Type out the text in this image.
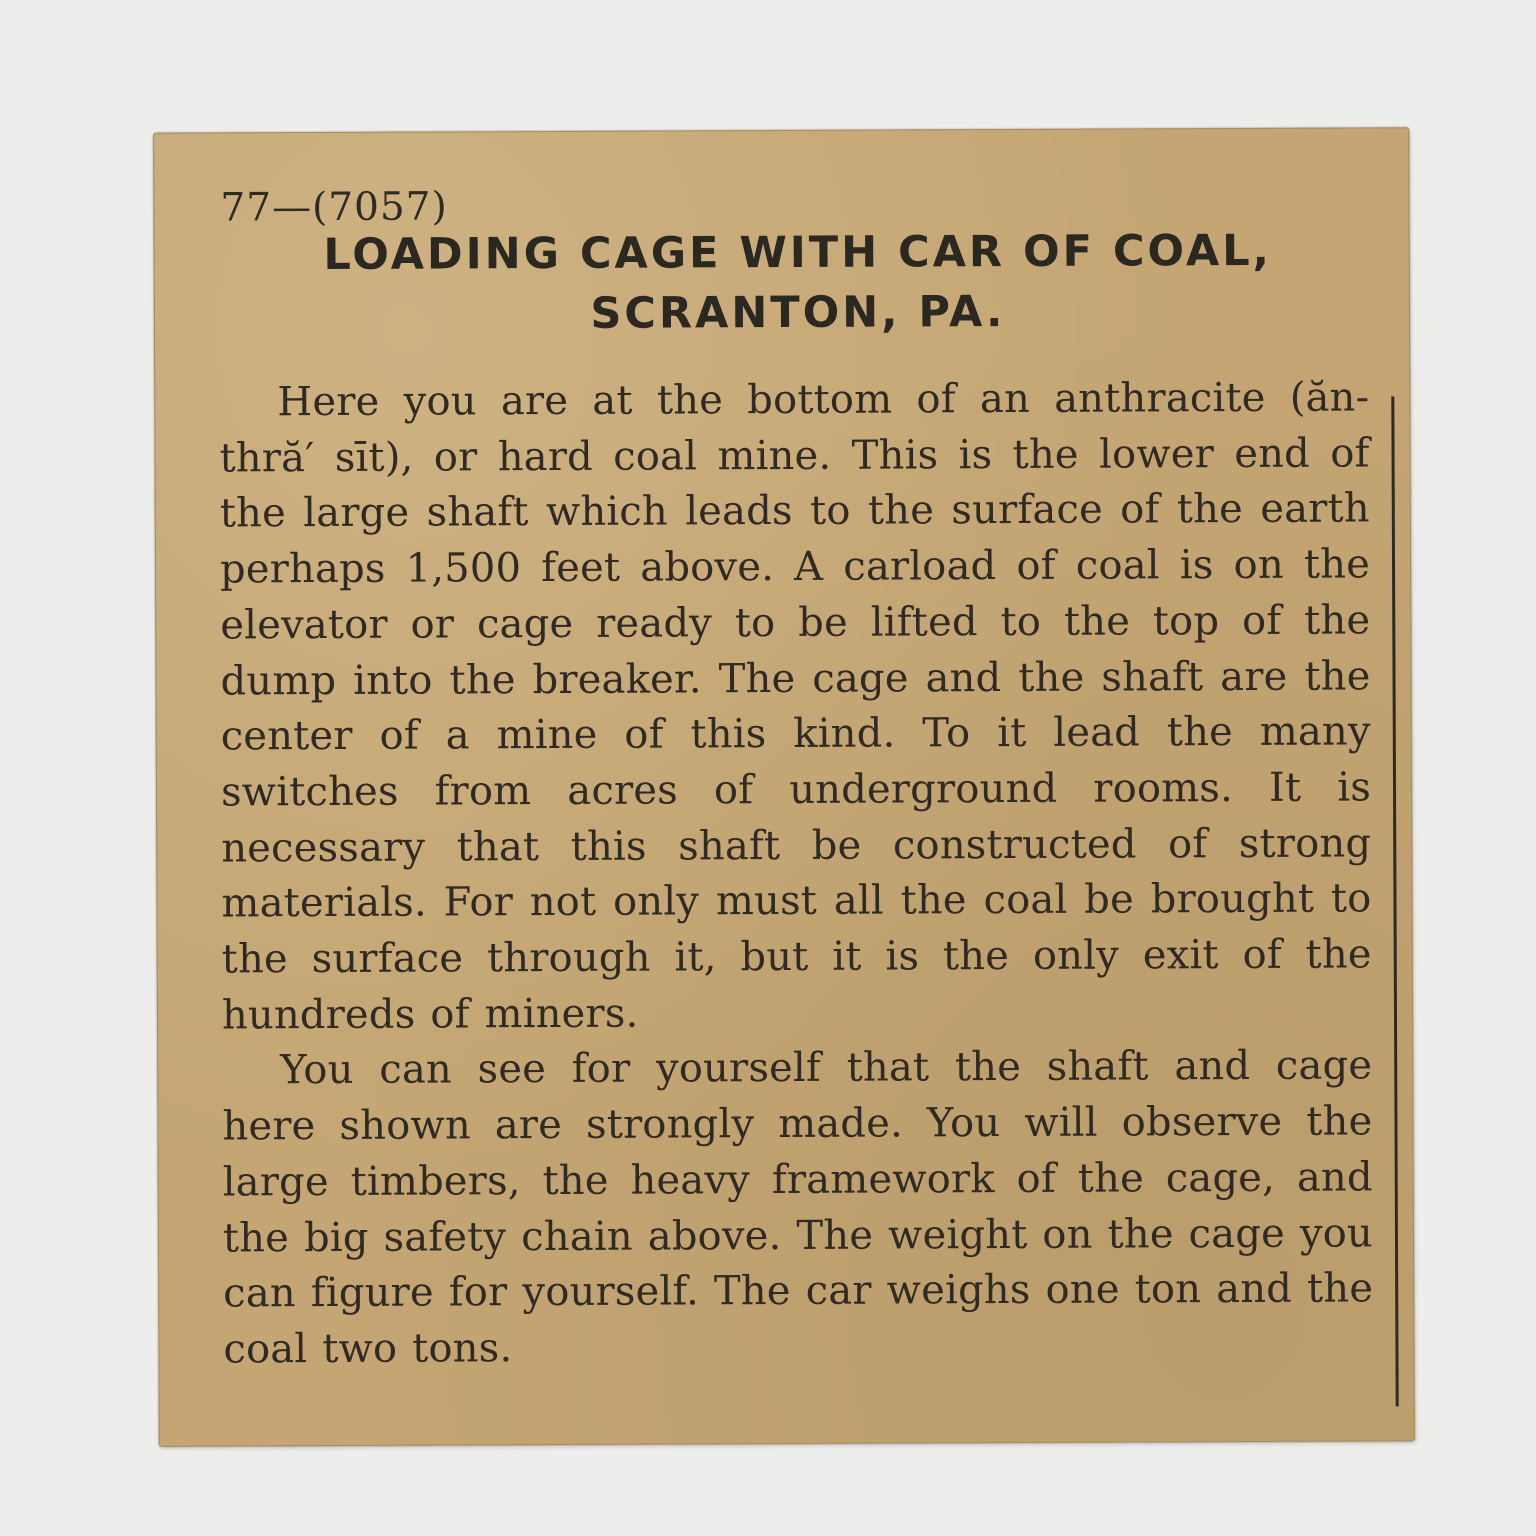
77—(7057)
LOADING CAGE WITH CAR OF COAL,
SCRANTON, PA.

Here you are at the bottom of an anthracite (ăn-thră′ sīt), or hard coal mine. This is the lower end of the large shaft which leads to the surface of the earth perhaps 1,500 feet above. A carload of coal is on the elevator or cage ready to be lifted to the top of the dump into the breaker. The cage and the shaft are the center of a mine of this kind. To it lead the many switches from acres of underground rooms. It is necessary that this shaft be constructed of strong materials. For not only must all the coal be brought to the surface through it, but it is the only exit of the hundreds of miners.

You can see for yourself that the shaft and cage here shown are strongly made. You will observe the large timbers, the heavy framework of the cage, and the big safety chain above. The weight on the cage you can figure for yourself. The car weighs one ton and the coal two tons.
